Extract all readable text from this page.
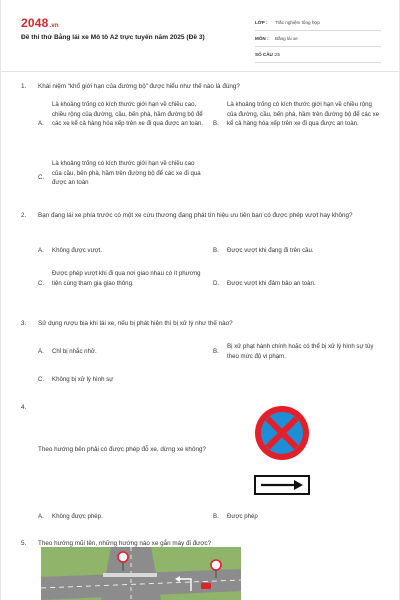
2048.vn
Đề thi thử Bằng lái xe Mô tô A2 trực tuyến năm 2025 (Đề 3)
LỚP : Trắc nghiệm tổng hợp
MÔN : Bằng lái xe
SỐ CÂU : 25
1. Khái niệm “khổ giới hạn của đường bộ” được hiểu như thế nào là đúng?
A.
Là khoảng trống có kích thước giới hạn về chiều cao, chiều rộng của đường, cầu, bến phà, hầm đường bộ để các xe kể cả hàng hóa xếp trên xe đi qua được an toàn.	B.
Là khoảng trống có kích thước giới hạn về chiều rộng của đường, cầu, bến phà, hầm trên đường bộ để các xe kể cả hàng hóa xếp trên xe đi qua được an toàn.
C.
Là khoảng trống có kích thước giới hạn về chiều cao của cầu, bến phà, hầm trên đường bộ để các xe đi qua được an toàn
2. Bạn đang lái xe phía trước có một xe cứu thương đang phát tín hiệu ưu tiên bạn có được phép vượt hay không?
A. Không được vượt.	B. Được vượt khi đang đi trên cầu.
C.
Được phép vượt khi đi qua nơi giao nhau có ít phương tiện cùng tham gia giao thông.	D. Được vượt khi đảm bảo an toàn.
3. Sử dụng rượu bia khi lái xe, nếu bị phát hiện thì bị xử lý như thế nào?
A. Chỉ bị nhắc nhở.	B.
Bị xử phạt hành chính hoặc có thể bị xử lý hình sự tùy theo mức độ vi phạm.
C. Không bị xử lý hình sự
4.
Theo hướng bên phải có được phép đỗ xe, dừng xe không?
A. Không được phép.	B. Được phép
5. Theo hướng mũi tên, những hướng nào xe gắn máy đi được?
